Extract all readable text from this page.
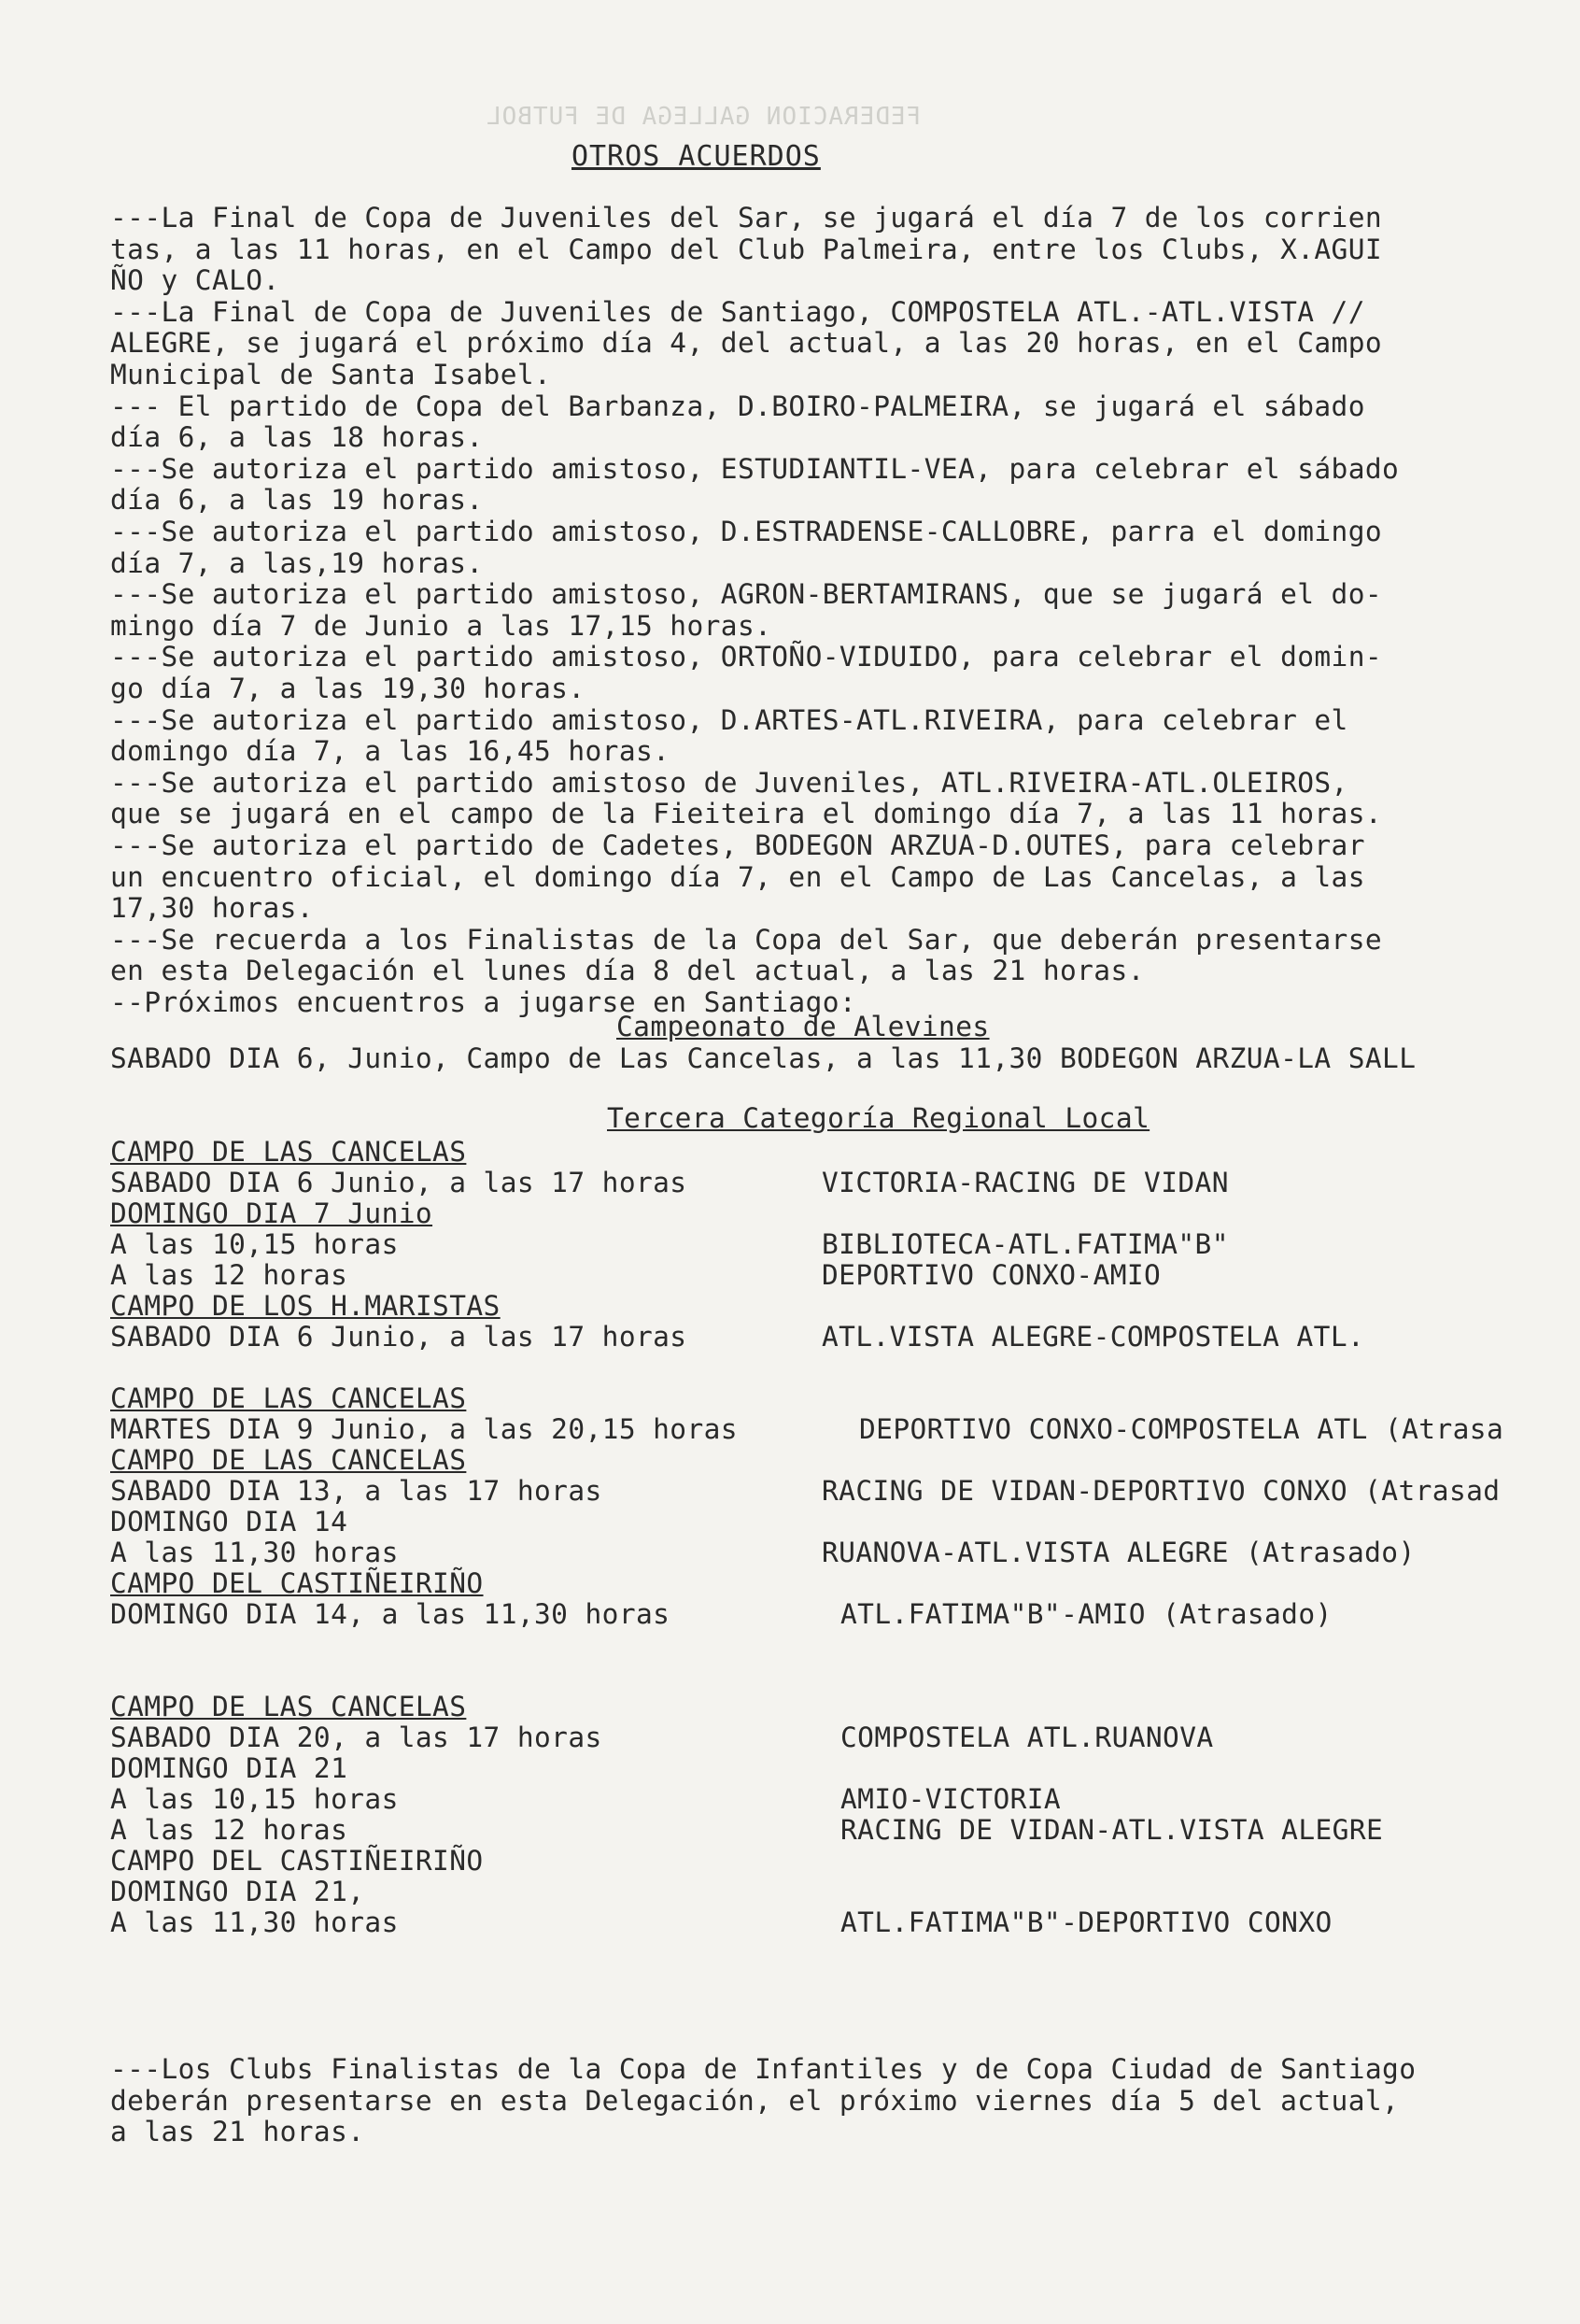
FEDERACION GALLEGA DE FUTBOL
OTROS ACUERDOS
---La Final de Copa de Juveniles del Sar, se jugará el día 7 de los corrien
tas, a las 11 horas, en el Campo del Club Palmeira, entre los Clubs, X.AGUI
ÑO y CALO.
---La Final de Copa de Juveniles de Santiago, COMPOSTELA ATL.-ATL.VISTA //
ALEGRE, se jugará el próximo día 4, del actual, a las 20 horas, en el Campo
Municipal de Santa Isabel.
--- El partido de Copa del Barbanza, D.BOIRO-PALMEIRA, se jugará el sábado
día 6, a las 18 horas.
---Se autoriza el partido amistoso, ESTUDIANTIL-VEA, para celebrar el sábado
día 6, a las 19 horas.
---Se autoriza el partido amistoso, D.ESTRADENSE-CALLOBRE, parra el domingo
día 7, a las,19 horas.
---Se autoriza el partido amistoso, AGRON-BERTAMIRANS, que se jugará el do-
mingo día 7 de Junio a las 17,15 horas.
---Se autoriza el partido amistoso, ORTOÑO-VIDUIDO, para celebrar el domin-
go día 7, a las 19,30 horas.
---Se autoriza el partido amistoso, D.ARTES-ATL.RIVEIRA, para celebrar el
domingo día 7, a las 16,45 horas.
---Se autoriza el partido amistoso de Juveniles, ATL.RIVEIRA-ATL.OLEIROS,
que se jugará en el campo de la Fieiteira el domingo día 7, a las 11 horas.
---Se autoriza el partido de Cadetes, BODEGON ARZUA-D.OUTES, para celebrar
un encuentro oficial, el domingo día 7, en el Campo de Las Cancelas, a las
17,30 horas.
---Se recuerda a los Finalistas de la Copa del Sar, que deberán presentarse
en esta Delegación el lunes día 8 del actual, a las 21 horas.
--Próximos encuentros a jugarse en Santiago:
Campeonato de Alevines
SABADO DIA 6, Junio, Campo de Las Cancelas, a las 11,30 BODEGON ARZUA-LA SALL
Tercera Categoría Regional Local
CAMPO DE LAS CANCELAS
SABADO DIA 6 Junio, a las 17 horas	VICTORIA-RACING DE VIDAN
DOMINGO DIA 7 Junio
A las 10,15 horas	BIBLIOTECA-ATL.FATIMA"B"
A las 12 horas	DEPORTIVO CONXO-AMIO
CAMPO DE LOS H.MARISTAS
SABADO DIA 6 Junio, a las 17 horas	ATL.VISTA ALEGRE-COMPOSTELA ATL.
CAMPO DE LAS CANCELAS
MARTES DIA 9 Junio, a las 20,15 horas	DEPORTIVO CONXO-COMPOSTELA ATL (Atrasa
CAMPO DE LAS CANCELAS
SABADO DIA 13, a las 17 horas	RACING DE VIDAN-DEPORTIVO CONXO (Atrasad
DOMINGO DIA 14
A las 11,30 horas	RUANOVA-ATL.VISTA ALEGRE (Atrasado)
CAMPO DEL CASTIÑEIRIÑO
DOMINGO DIA 14, a las 11,30 horas	ATL.FATIMA"B"-AMIO (Atrasado)
CAMPO DE LAS CANCELAS
SABADO DIA 20, a las 17 horas	COMPOSTELA ATL.RUANOVA
DOMINGO DIA 21
A las 10,15 horas	AMIO-VICTORIA
A las 12 horas	RACING DE VIDAN-ATL.VISTA ALEGRE
CAMPO DEL CASTIÑEIRIÑO
DOMINGO DIA 21,
A las 11,30 horas	ATL.FATIMA"B"-DEPORTIVO CONXO
---Los Clubs Finalistas de la Copa de Infantiles y de Copa Ciudad de Santiago
deberán presentarse en esta Delegación, el próximo viernes día 5 del actual,
a las 21 horas.
